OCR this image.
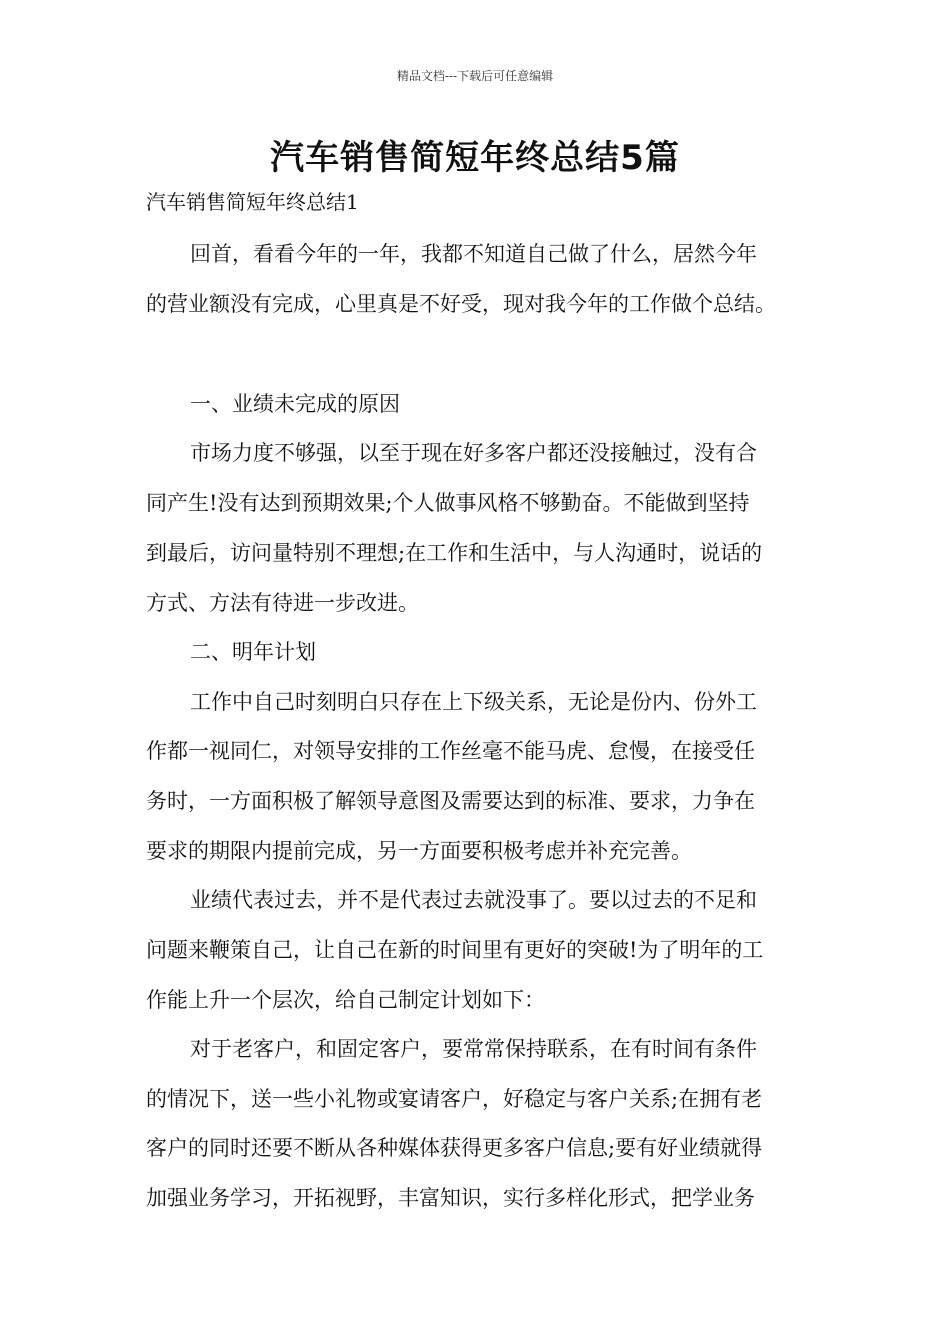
精品文档---下载后可任意编辑
汽车销售简短年终总结5篇
汽车销售简短年终总结1
回首，看看今年的一年，我都不知道自己做了什么，居然今年
的营业额没有完成，心里真是不好受，现对我今年的工作做个总结。
一、业绩未完成的原因
市场力度不够强，以至于现在好多客户都还没接触过，没有合
同产生!没有达到预期效果;个人做事风格不够勤奋。不能做到坚持
到最后，访问量特别不理想;在工作和生活中，与人沟通时，说话的
方式、方法有待进一步改进。
二、明年计划
工作中自己时刻明白只存在上下级关系，无论是份内、份外工
作都一视同仁，对领导安排的工作丝毫不能马虎、怠慢，在接受任
务时，一方面积极了解领导意图及需要达到的标准、要求，力争在
要求的期限内提前完成，另一方面要积极考虑并补充完善。
业绩代表过去，并不是代表过去就没事了。要以过去的不足和
问题来鞭策自己，让自己在新的时间里有更好的突破!为了明年的工
作能上升一个层次，给自己制定计划如下：
对于老客户，和固定客户，要常常保持联系，在有时间有条件
的情况下，送一些小礼物或宴请客户，好稳定与客户关系;在拥有老
客户的同时还要不断从各种媒体获得更多客户信息;要有好业绩就得
加强业务学习，开拓视野，丰富知识，实行多样化形式，把学业务
